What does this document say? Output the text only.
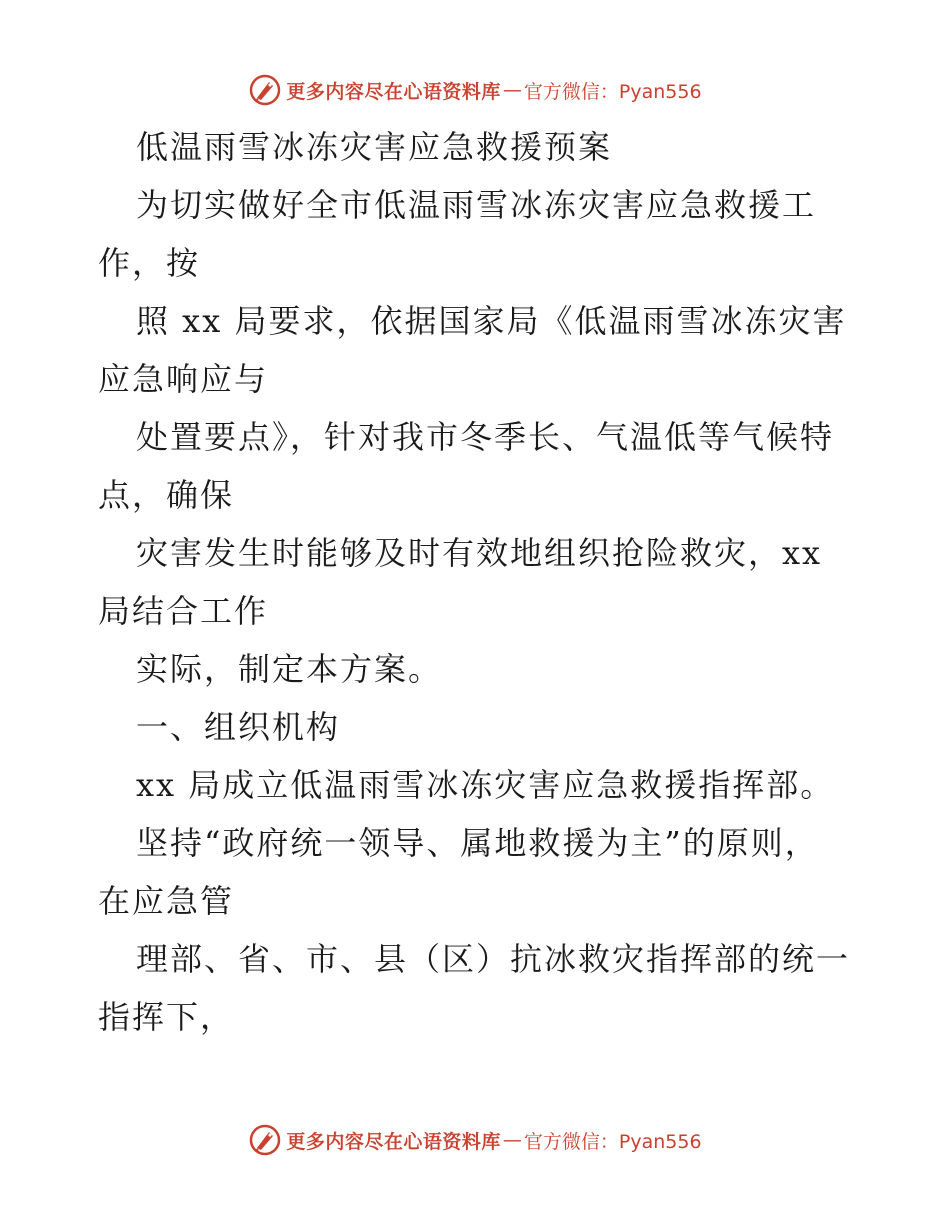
更多内容尽在心语资料库 — 官方微信：Pyan556
低温雨雪冰冻灾害应急救援预案
为切实做好全市低温雨雪冰冻灾害应急救援工
作，按
照 xx 局要求，依据国家局《低温雨雪冰冻灾害
应急响应与
处置要点》，针对我市冬季长、气温低等气候特
点，确保
灾害发生时能够及时有效地组织抢险救灾，xx
局结合工作
实际，制定本方案。
一、组织机构
xx 局成立低温雨雪冰冻灾害应急救援指挥部。
坚持“政府统一领导、属地救援为主”的原则，
在应急管
理部、省、市、县（区）抗冰救灾指挥部的统一
指挥下，
更多内容尽在心语资料库 — 官方微信：Pyan556
